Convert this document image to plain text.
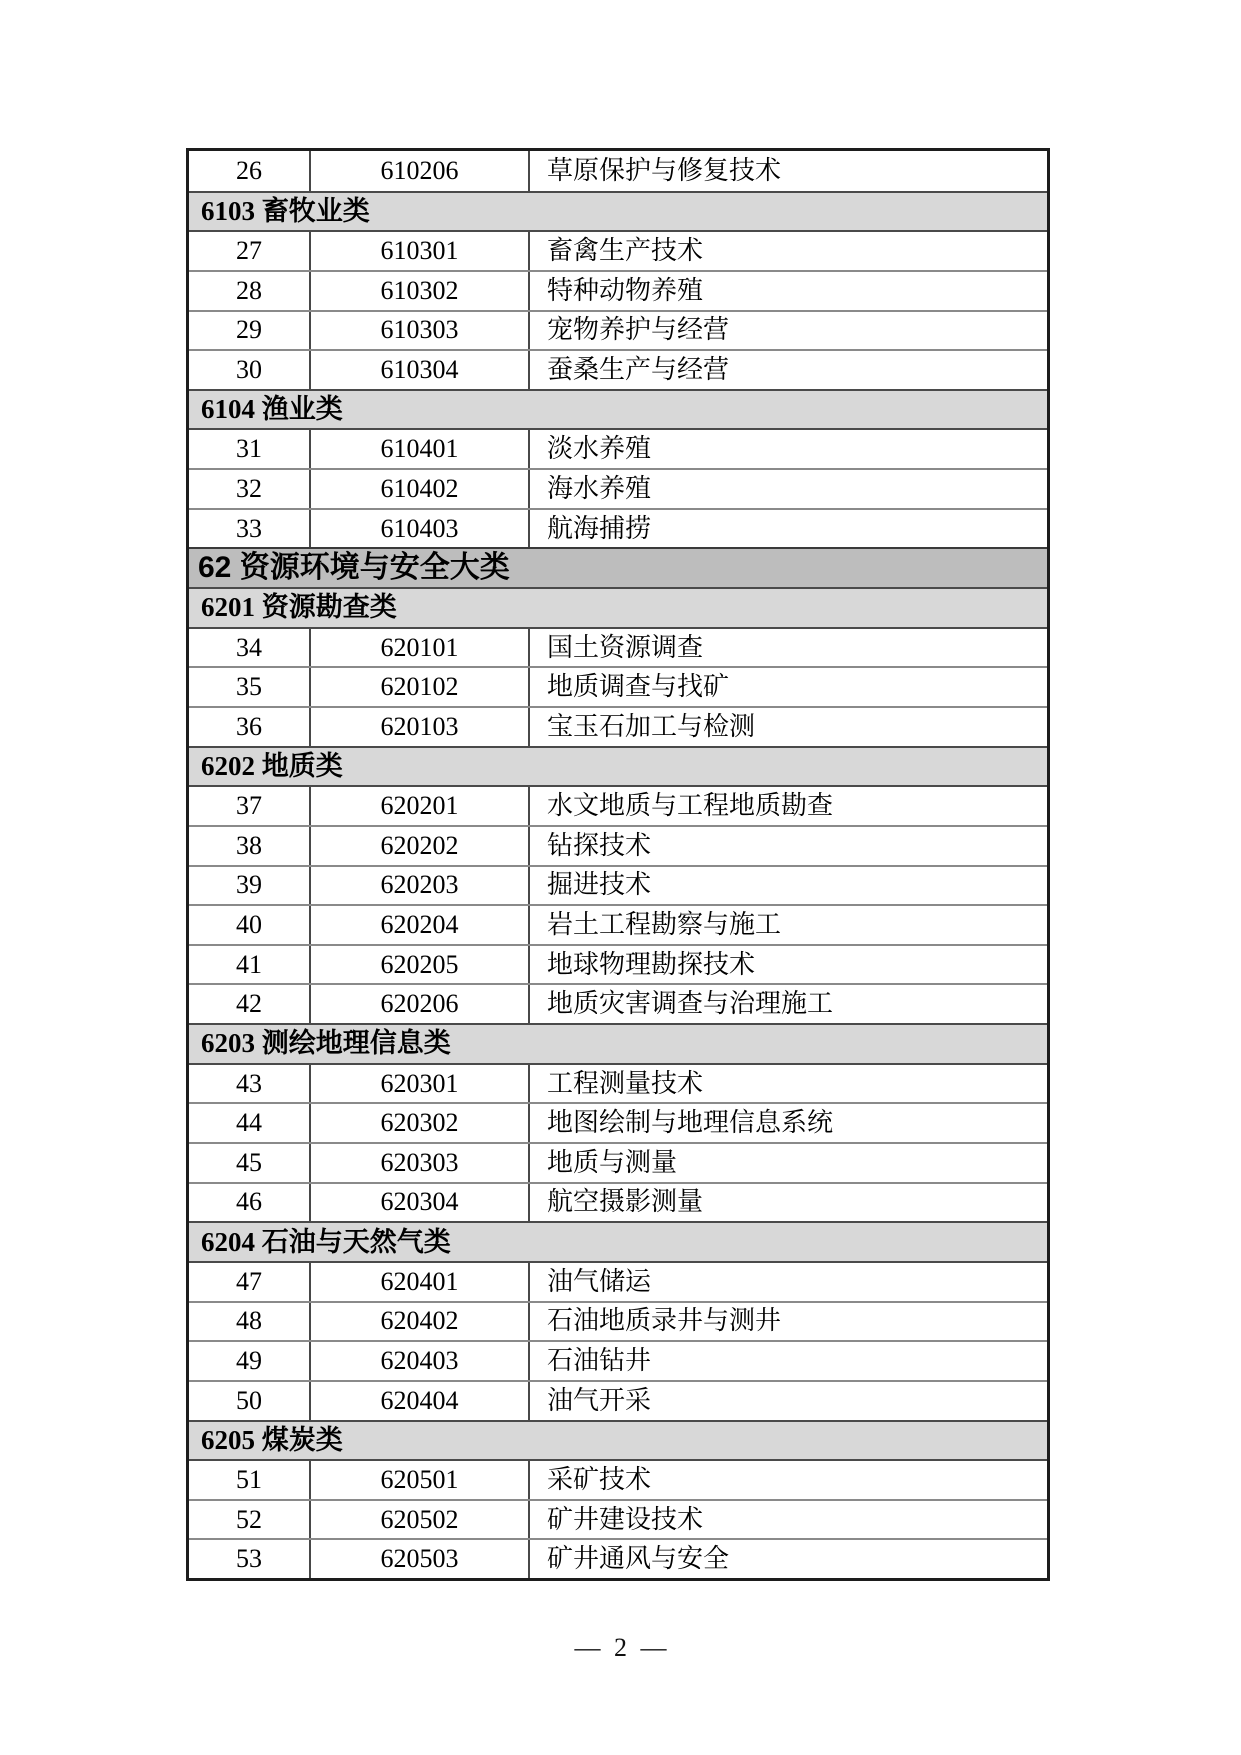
26	610206	草原保护与修复技术
6103 畜牧业类
27	610301	畜禽生产技术
28	610302	特种动物养殖
29	610303	宠物养护与经营
30	610304	蚕桑生产与经营
6104 渔业类
31	610401	淡水养殖
32	610402	海水养殖
33	610403	航海捕捞
62 资源环境与安全大类
6201 资源勘查类
34	620101	国土资源调查
35	620102	地质调查与找矿
36	620103	宝玉石加工与检测
6202 地质类
37	620201	水文地质与工程地质勘查
38	620202	钻探技术
39	620203	掘进技术
40	620204	岩土工程勘察与施工
41	620205	地球物理勘探技术
42	620206	地质灾害调查与治理施工
6203 测绘地理信息类
43	620301	工程测量技术
44	620302	地图绘制与地理信息系统
45	620303	地质与测量
46	620304	航空摄影测量
6204 石油与天然气类
47	620401	油气储运
48	620402	石油地质录井与测井
49	620403	石油钻井
50	620404	油气开采
6205 煤炭类
51	620501	采矿技术
52	620502	矿井建设技术
53	620503	矿井通风与安全
— 2 —
